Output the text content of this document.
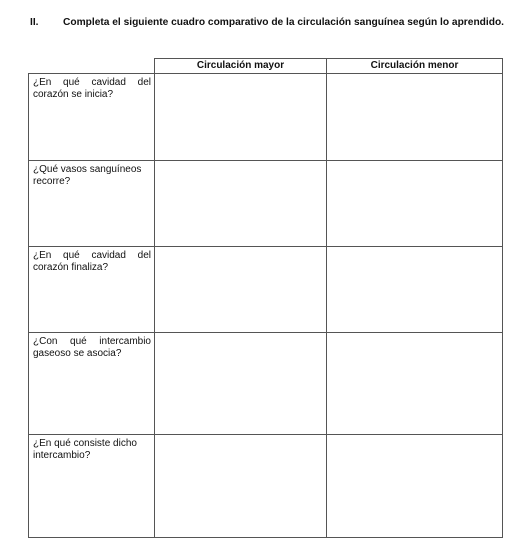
II. Completa el siguiente cuadro comparativo de la circulación sanguínea según lo aprendido.
	Circulación mayor	Circulación menor
¿En qué cavidad del corazón se inicia?		
¿Qué vasos sanguíneos recorre?		
¿En qué cavidad del corazón finaliza?		
¿Con qué intercambio gaseoso se asocia?		
¿En qué consiste dicho intercambio?		
